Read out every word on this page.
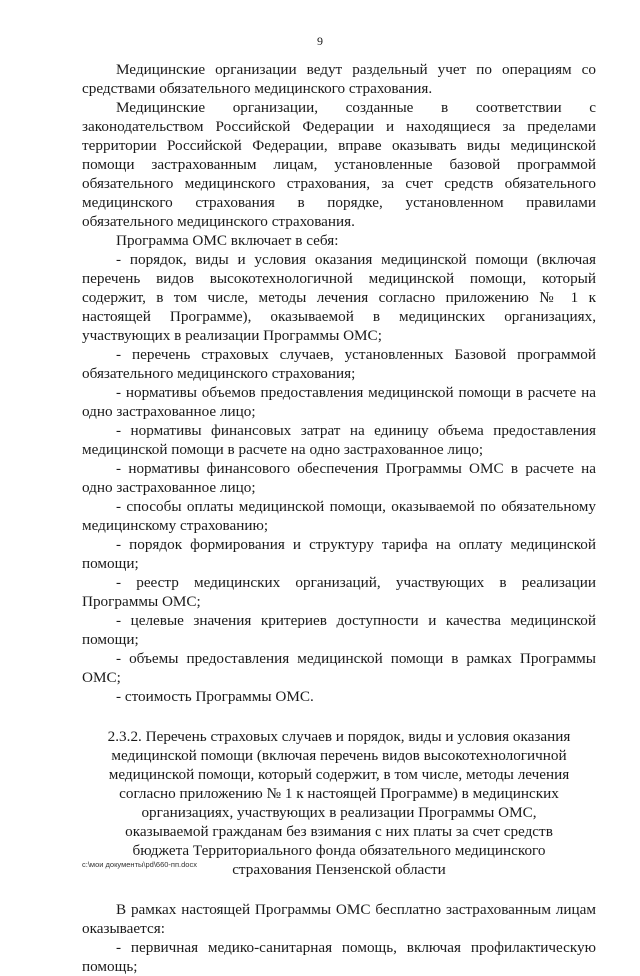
9

Медицинские организации ведут раздельный учет по операциям со средствами обязательного медицинского страхования.

Медицинские организации, созданные в соответствии с законодательством Российской Федерации и находящиеся за пределами территории Российской Федерации, вправе оказывать виды медицинской помощи застрахованным лицам, установленные базовой программой обязательного медицинского страхования, за счет средств обязательного медицинского страхования в порядке, установленном правилами обязательного медицинского страхования.

Программа ОМС включает в себя:

- порядок, виды и условия оказания медицинской помощи (включая перечень видов высокотехнологичной медицинской помощи, который содержит, в том числе, методы лечения согласно приложению № 1 к настоящей Программе), оказываемой в медицинских организациях, участвующих в реализации Программы ОМС;

- перечень страховых случаев, установленных Базовой программой обязательного медицинского страхования;

- нормативы объемов предоставления медицинской помощи в расчете на одно застрахованное лицо;

- нормативы финансовых затрат на единицу объема предоставления медицинской помощи в расчете на одно застрахованное лицо;

- нормативы финансового обеспечения Программы ОМС в расчете на одно застрахованное лицо;

- способы оплаты медицинской помощи, оказываемой по обязательному медицинскому страхованию;

- порядок формирования и структуру тарифа на оплату медицинской помощи;

- реестр медицинских организаций, участвующих в реализации Программы ОМС;

- целевые значения критериев доступности и качества медицинской помощи;

- объемы предоставления медицинской помощи в рамках Программы ОМС;

- стоимость Программы ОМС.

2.3.2. Перечень страховых случаев и порядок, виды и условия оказания медицинской помощи (включая перечень видов высокотехнологичной медицинской помощи, который содержит, в том числе, методы лечения согласно приложению № 1 к настоящей Программе) в медицинских организациях, участвующих в реализации Программы ОМС, оказываемой гражданам без взимания с них платы за счет средств бюджета Территориального фонда обязательного медицинского страхования Пензенской области

В рамках настоящей Программы ОМС бесплатно застрахованным лицам оказывается:

- первичная медико-санитарная помощь, включая профилактическую помощь;

с:\мои документы\pd\660-пп.docx
